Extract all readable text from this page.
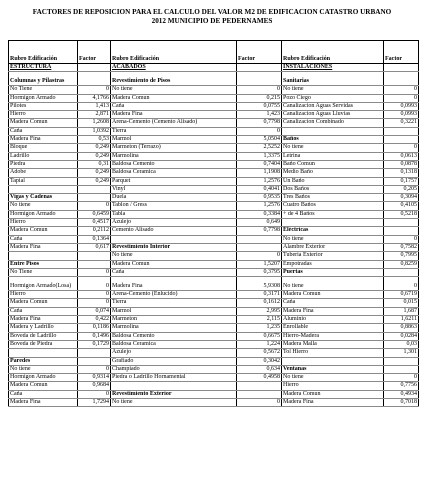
FACTORES DE REPOSICION PARA EL CALCULO DEL VALOR M2 DE EDIFICACION CATASTRO URBANO
2012 MUNICIPIO DE PEDERNAMES
Rubro Edificación	Factor	Rubro Edificación	Factor	Rubro Edificación	Factor
ESTRUCTURA		ACABADOS		INSTALACIONES	
Columnas y Pilastras		Revestimiento de Pisos		Sanitarias	
No Tiene	0	No tiene	0	No tiene	0
Hormigon Armado	4,1766	Madera Comun	0,215	Pozo Ciego	0
Pilotes	1,413	Caña	0,0755	Canalizacion Aguas Servidas	0,0993
Hierro	2,871	Madera Fina	1,423	Canalizacion Aguas Lluvias	0,0993
Madera Comun	1,2608	Arena-Cemento (Cemento Alisado)	0,7798	Canalizacion Combinado	0,3221
Caña	1,0392	Tierra	0		
Madera Fina	0,53	Marmol	5,0504	Baños	
Bloque	0,249	Marmeton (Terrazo)	2,5252	No tiene	0
Ladrillo	0,249	Marmolina	1,3375	Letrina	0,0613
Piedra	0,31	Baldosa Cemento	0,7404	Baño Comun	0,0878
Adobe	0,249	Baldosa Ceramica	1,1908	Medio Baño	0,1318
Tapial	0,249	Parquet	1,2576	Un Baño	0,1757
		Vinyl	0,4041	Dos Baños	0,205
Vigas y Cadenas		Duela	0,9535	Tres Baños	0,3094
No tiene	0	Tablon / Gress	1,2576	Cuatro Baños	0,4105
Hormigon Armado	0,6459	Tabla	0,3384	+ de 4 Baños	0,5218
Hierro	0,4517	Azulejo	0,649		
Madera Comun	0,2112	Cemento Alisado	0,7798	Eléctricas	
Caña	0,1364			No tiene	0
Madera Fina	0,617	Revestimiento Interior		Alambre Exterior	0,7582
		No tiene	0	Tuberia Exterior	0,7995
Entre Pisos		Madera Comun	1,5207	Empotradas	0,8259
No Tiene	0	Caña	0,3795	Puertas	
Hormigon Armado(Losa)	0	Madera Fina	5,9308	No tiene	0
Hierro	0	Arena-Cemento (Enlucido)	0,3171	Madera Comun	0,6719
Madera Comun	0	Tierra	0,1612	Caña	0,015
Caña	0,074	Marmol	2,995	Madera Fina	1,687
Madera Fina	0,422	Marmeton	2,115	Aluminio	1,6211
Madera y Ladrillo	0,1186	Marmolina	1,235	Enrollable	0,8863
Boveda de Ladrillo	0,1496	Baldosa Cemento	0,6675	Hierro-Madera	0,0284
Boveda de Piedra	0,1729	Baldosa Ceramica	1,224	Madera Malla	0,03
		Azulejo	0,5672	Tol Hierro	1,301
Paredes		Grafiado	0,3042		
No tiene	0	Champiado	0,634	Ventanas	
Hormigon Armado	0,9314	Piedra o Ladrillo Hornamental	0,4958	No tiene	0
Madera Comun	0,9684			Hierro	0,7756
Caña	0	Revestimiento Exterior		Madera Comun	0,4934
Madera Fina	1,7294	No tiene	0	Madera Fina	0,7018
